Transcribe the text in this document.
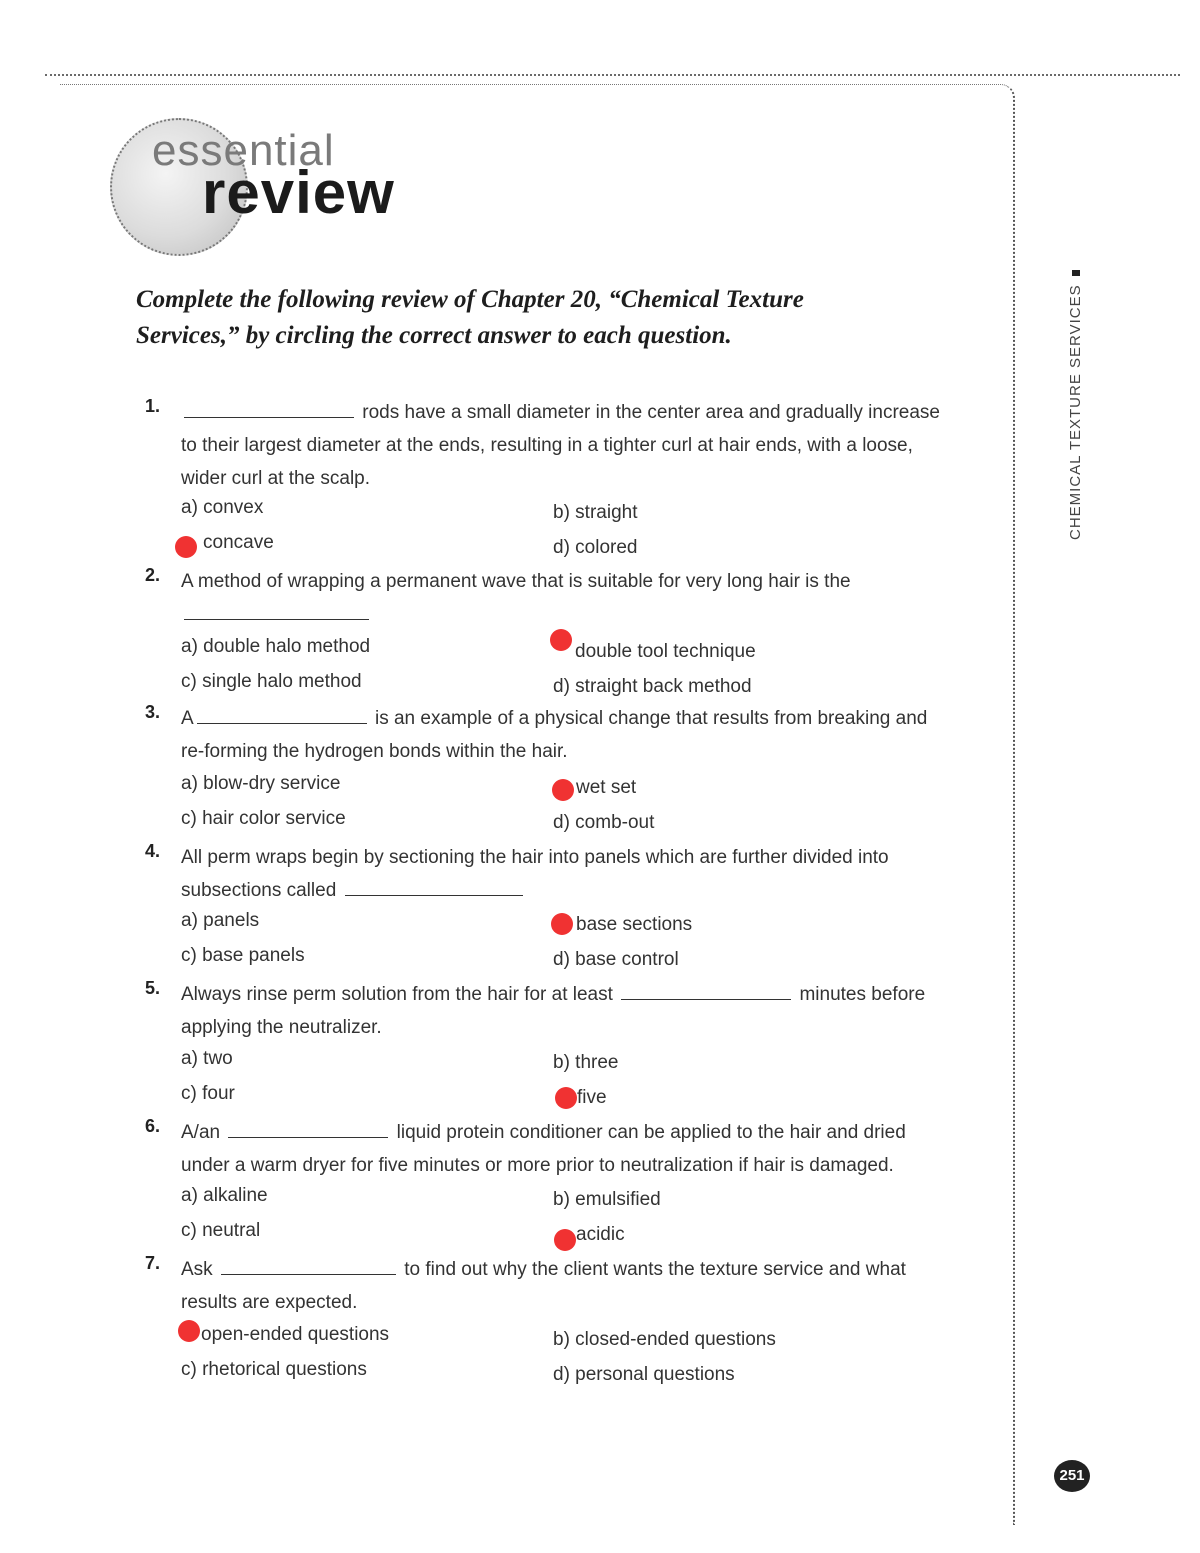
essential
review
Complete the following review of Chapter 20, “Chemical Texture
Services,” by circling the correct answer to each question.	CHEMICAL TEXTURE SERVICES
251
1.	rods have a small diameter in the center area and gradually increase
to their largest diameter at the ends, resulting in a tighter curl at hair ends, with a loose,
wider curl at the scalp.
a) convex	b) straight
concave	d) colored
2. A method of wrapping a permanent wave that is suitable for very long hair is the

a) double halo method	double tool technique
c) single halo method	d) straight back method
3. A	is an example of a physical change that results from breaking and
re-forming the hydrogen bonds within the hair.
a) blow-dry service	wet set
c) hair color service	d) comb-out
4. All perm wraps begin by sectioning the hair into panels which are further divided into
subsections called
a) panels	base sections
c) base panels	d) base control
5. Always rinse perm solution from the hair for at least	minutes before
applying the neutralizer.
a) two	b) three
c) four	five
6. A/an	liquid protein conditioner can be applied to the hair and dried
under a warm dryer for five minutes or more prior to neutralization if hair is damaged.
a) alkaline	b) emulsified
c) neutral	acidic
7. Ask	to find out why the client wants the texture service and what
results are expected.
open-ended questions	b) closed-ended questions
c) rhetorical questions	d) personal questions
